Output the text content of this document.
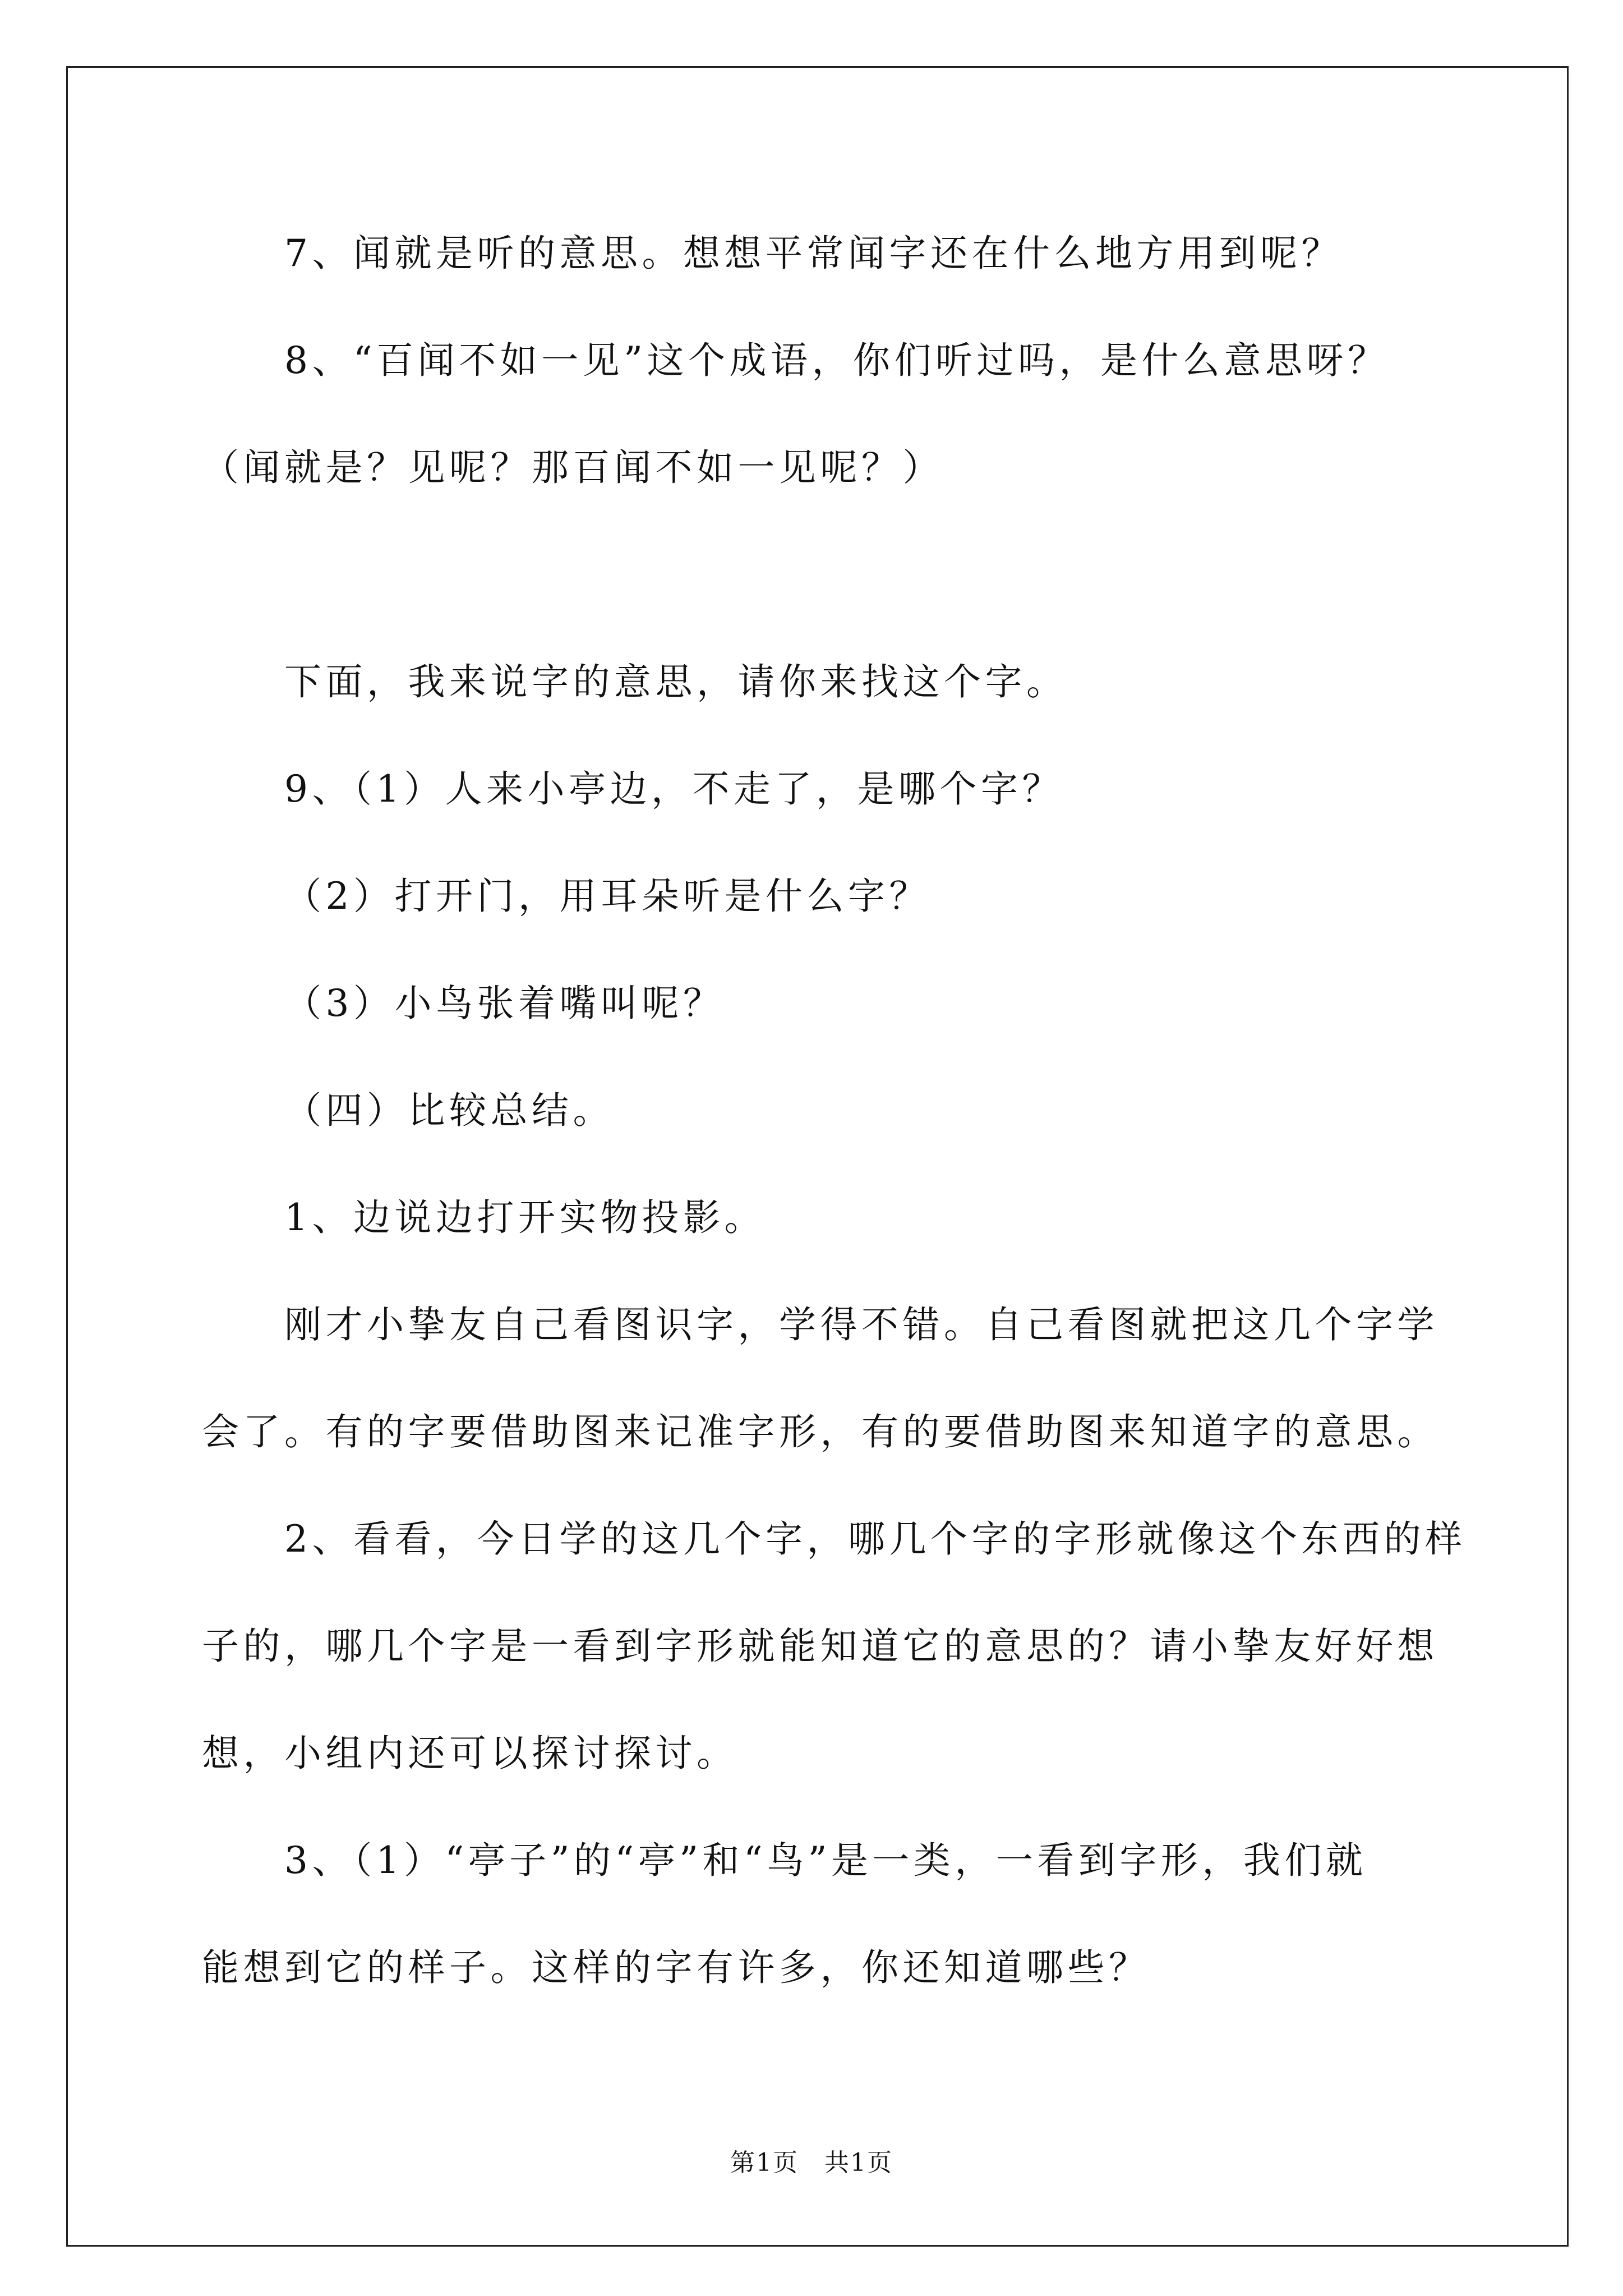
7、闻就是听的意思。想想平常闻字还在什么地方用到呢？
8、“百闻不如一见”这个成语，你们听过吗，是什么意思呀？
（闻就是？见呢？那百闻不如一见呢？）
下面，我来说字的意思，请你来找这个字。
9、（1）人来小亭边，不走了，是哪个字？
（2）打开门，用耳朵听是什么字？
（3）小鸟张着嘴叫呢？
（四）比较总结。
1、边说边打开实物投影。
刚才小挚友自己看图识字，学得不错。自己看图就把这几个字学
会了。有的字要借助图来记准字形，有的要借助图来知道字的意思。
2、看看，今日学的这几个字，哪几个字的字形就像这个东西的样
子的，哪几个字是一看到字形就能知道它的意思的？请小挚友好好想
想，小组内还可以探讨探讨。
3、（1）“亭子”的“亭”和“鸟”是一类，一看到字形，我们就
能想到它的样子。这样的字有许多，你还知道哪些？
第1页　共1页
